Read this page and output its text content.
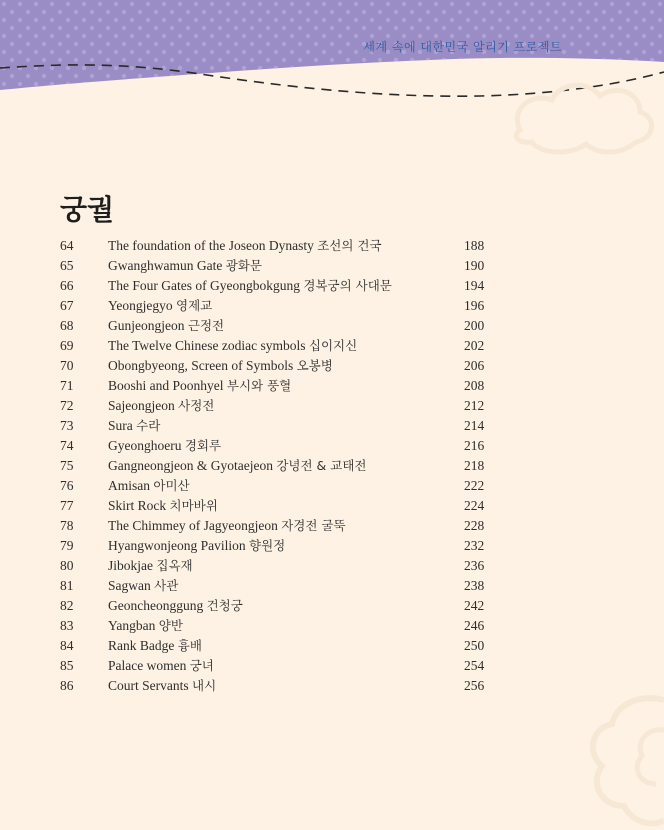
세계 속에 대한민국 알리기 프로젝트
궁궐
64	The foundation of the Joseon Dynasty 조선의 건국	188
65	Gwanghwamun Gate 광화문	190
66	The Four Gates of Gyeongbokgung 경복궁의 사대문	194
67	Yeongjegyo 영제교	196
68	Gunjeongjeon 근정전	200
69	The Twelve Chinese zodiac symbols 십이지신	202
70	Obongbyeong, Screen of Symbols 오봉병	206
71	Booshi and Poonhyel 부시와 풍혈	208
72	Sajeongjeon 사정전	212
73	Sura 수라	214
74	Gyeonghoeru 경회루	216
75	Gangneongjeon & Gyotaejeon 강녕전 & 교태전	218
76	Amisan 아미산	222
77	Skirt Rock 치마바위	224
78	The Chimmey of Jagyeongjeon 자경전 굴뚝	228
79	Hyangwonjeong Pavilion 향원정	232
80	Jibokjae 집옥재	236
81	Sagwan 사관	238
82	Geoncheonggung 건청궁	242
83	Yangban 양반	246
84	Rank Badge 흉배	250
85	Palace women 궁녀	254
86	Court Servants 내시	256
